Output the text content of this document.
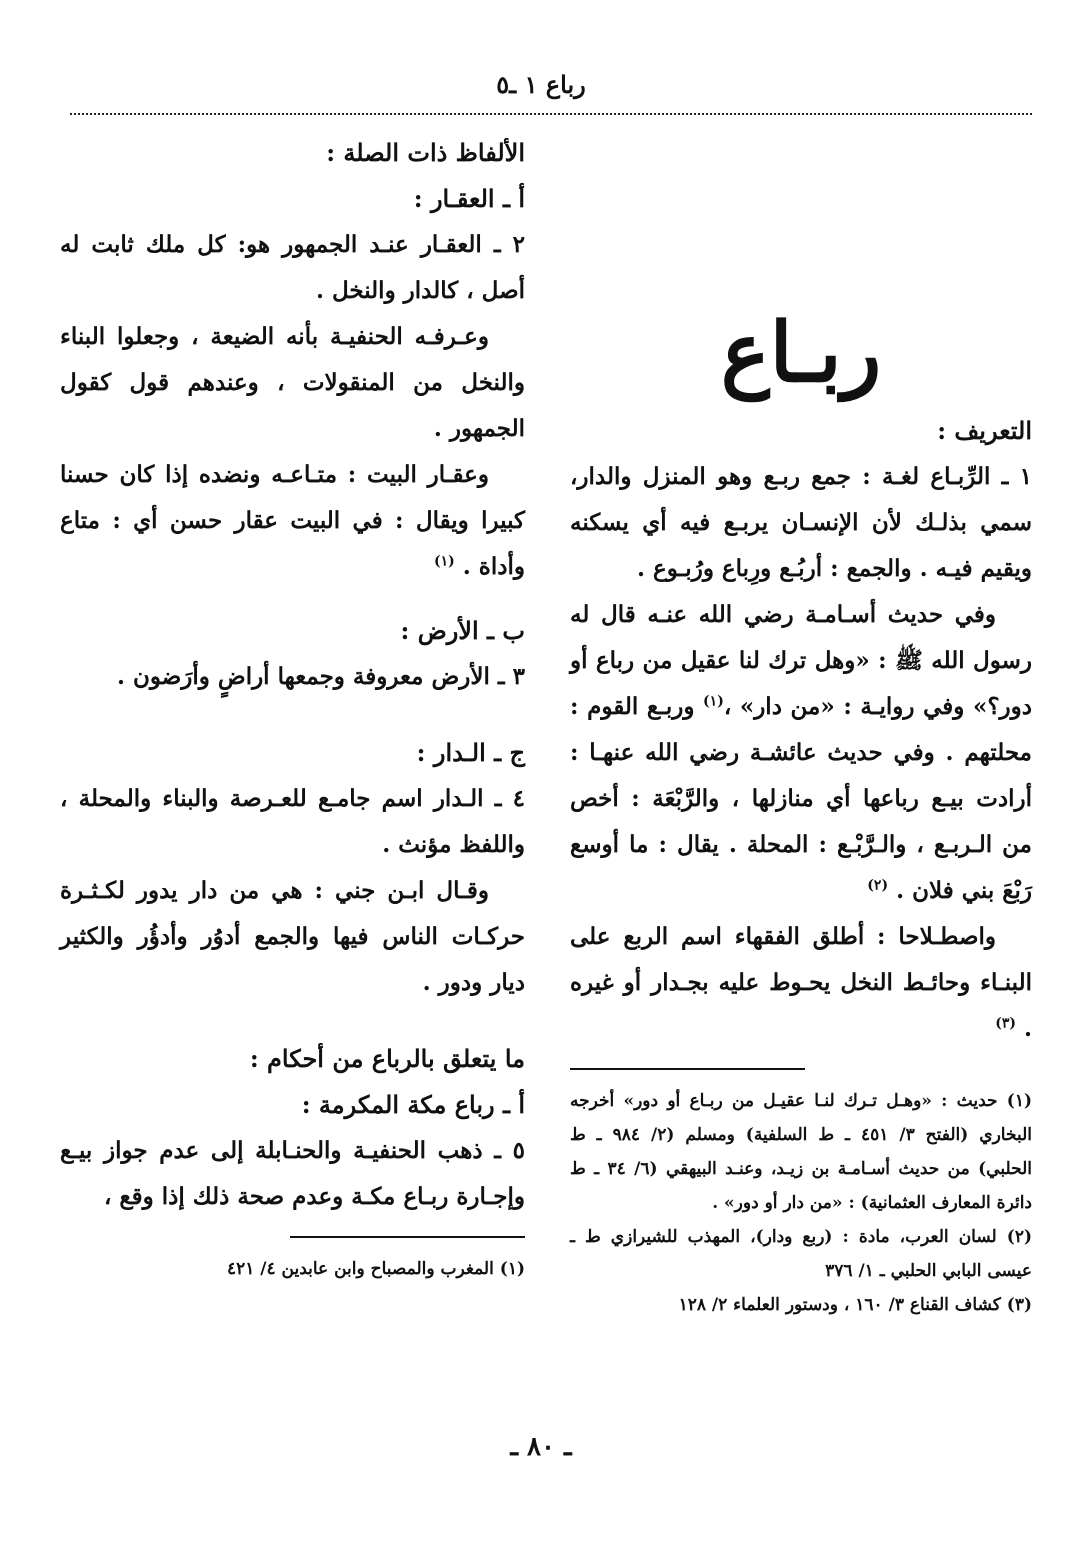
رباع ١ ـ٥
ربـاع
التعريف :

١ ـ الرِّبـاع لغـة : جمع ربـع وهو المنزل والدار، سمي بذلـك لأن الإنسـان يربـع فيه أي يسكنه ويقيم فيـه . والجمع : أربُـع ورِباع ورُبـوع .

وفي حديث أسـامـة رضي الله عنـه قال له رسول الله ﷺ : «وهل ترك لنا عقيل من رباع أو دور؟» وفي روايـة : «من دار» ،$^{(١)}$ وربـع القوم : محلتهم . وفي حديث عائشـة رضي الله عنهـا : أرادت بيـع رباعها أي منازلها ، والرَّبْعَة : أخص من الـربـع ، والـرَّبْـع : المحلة . يقال : ما أوسع رَبْعَ بني فلان . $^{(٢)}$

واصطـلاحا : أطلق الفقهاء اسم الربع على البنـاء وحائـط النخل يحـوط عليه بجـدار أو غيره . $^{(٣)}$

(١) حديث : «وهـل تـرك لنـا عقيـل من ربـاع أو دور» أخرجه البخاري (الفتح ٣/ ٤٥١ ـ ط السلفية) ومسلم (٢/ ٩٨٤ ـ ط الحلبي) من حديث أسـامـة بن زيـد، وعنـد البيهقي (٦/ ٣٤ ـ ط دائرة المعارف العثمانية) : «من دار أو دور» .

(٢) لسان العرب، مادة : (ربع ودار)، المهذب للشيرازي ط ـ عيسى البابي الحلبي ـ ١/ ٣٧٦

(٣) كشاف القناع ٣/ ١٦٠ ، ودستور العلماء ٢/ ١٢٨

الألفاظ ذات الصلة :
أ ـ العقـار :

٢ ـ العقـار عنـد الجمهور هو: كل ملك ثابت له أصل ، كالدار والنخل .

وعـرفـه الحنفيـة بأنه الضيعة ، وجعلوا البناء والنخل من المنقولات ، وعندهم قول كقول الجمهور .

وعقـار البيت : متـاعـه ونضده إذا كان حسنا كبيرا ويقال : في البيت عقار حسن أي : متاع وأداة . $^{(١)}$

ب ـ الأرض :

٣ ـ الأرض معروفة وجمعها أراضٍ وأرَضون .

ج ـ الـدار :

٤ ـ الـدار اسم جامـع للعـرصة والبناء والمحلة ، واللفظ مؤنث .

وقـال ابـن جني : هي من دار يدور لكـثـرة حركـات الناس فيها والجمع أدوُر وأدؤُر والكثير ديار ودور .

ما يتعلق بالرباع من أحكام :
أ ـ رباع مكة المكرمة :

٥ ـ ذهب الحنفيـة والحنـابلة إلى عدم جواز بيـع وإجـارة ربـاع مكـة وعدم صحة ذلك إذا وقع ،

(١) المغرب والمصباح وابن عابدين ٤/ ٤٢١

ـ ٨٠ ـ
